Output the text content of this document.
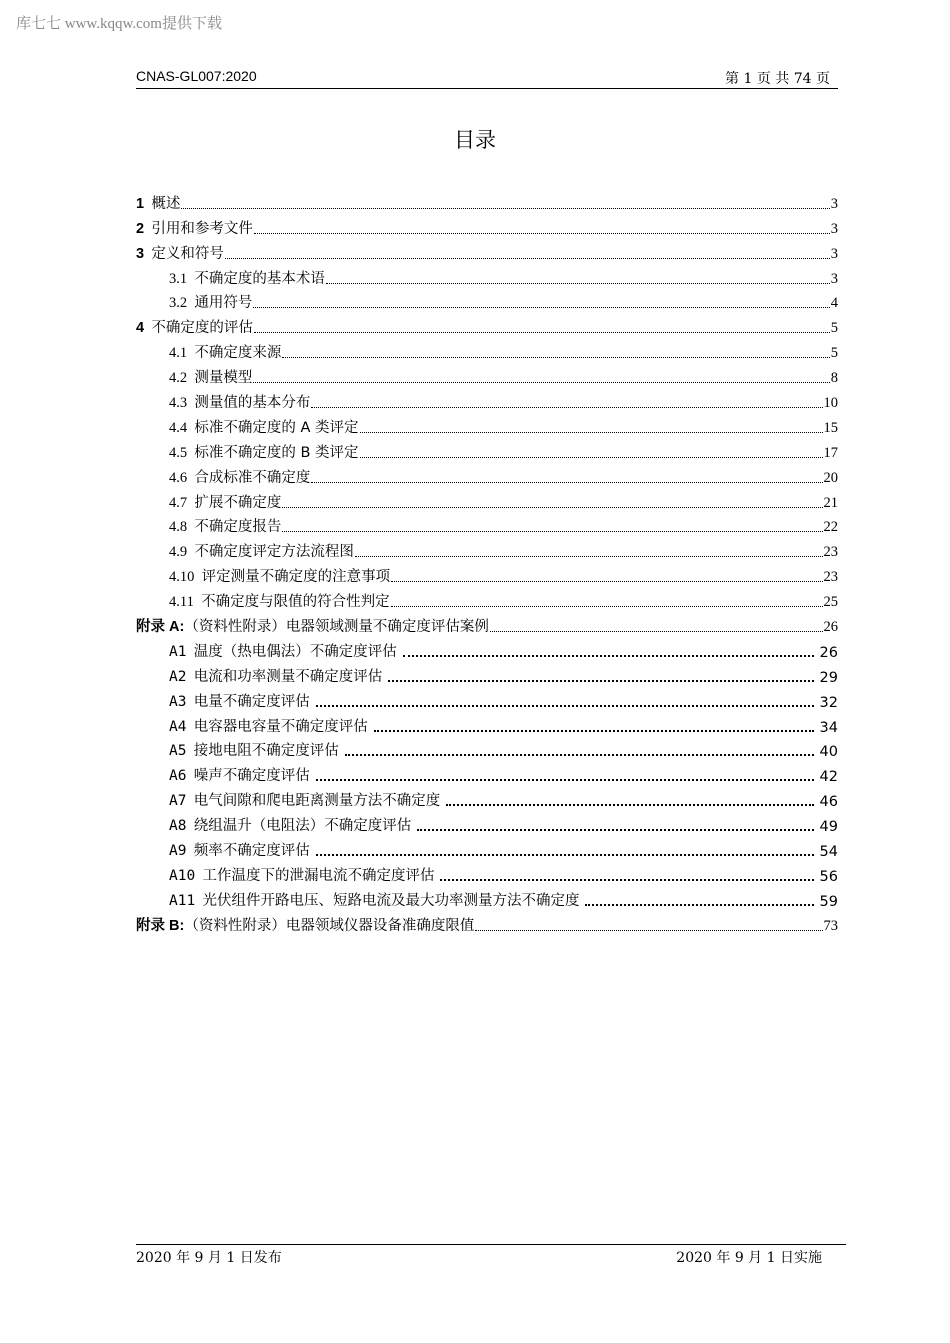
库七七 www.kqqw.com提供下载
CNAS-GL007:2020	第 1 页 共 74 页
目录
1  概述	3
2  引用和参考文件	3
3  定义和符号	3
3.1  不确定度的基本术语	3
3.2  通用符号	4
4  不确定度的评估	5
4.1  不确定度来源	5
4.2  测量模型	8
4.3  测量值的基本分布	10
4.4  标准不确定度的 A 类评定	15
4.5  标准不确定度的 B 类评定	17
4.6  合成标准不确定度	20
4.7  扩展不确定度	21
4.8  不确定度报告	22
4.9  不确定度评定方法流程图	23
4.10  评定测量不确定度的注意事项	23
4.11  不确定度与限值的符合性判定	25
附录 A:（资料性附录）电器领域测量不确定度评估案例	26
A1  温度（热电偶法）不确定度评估	26
A2  电流和功率测量不确定度评估	29
A3  电量不确定度评估	32
A4  电容器电容量不确定度评估	34
A5  接地电阻不确定度评估	40
A6  噪声不确定度评估	42
A7  电气间隙和爬电距离测量方法不确定度	46
A8  绕组温升（电阻法）不确定度评估	49
A9  频率不确定度评估	54
A10  工作温度下的泄漏电流不确定度评估	56
A11  光伏组件开路电压、短路电流及最大功率测量方法不确定度	59
附录 B:（资料性附录）电器领域仪器设备准确度限值	73
2020 年 9 月 1 日发布	2020 年 9 月 1 日实施
